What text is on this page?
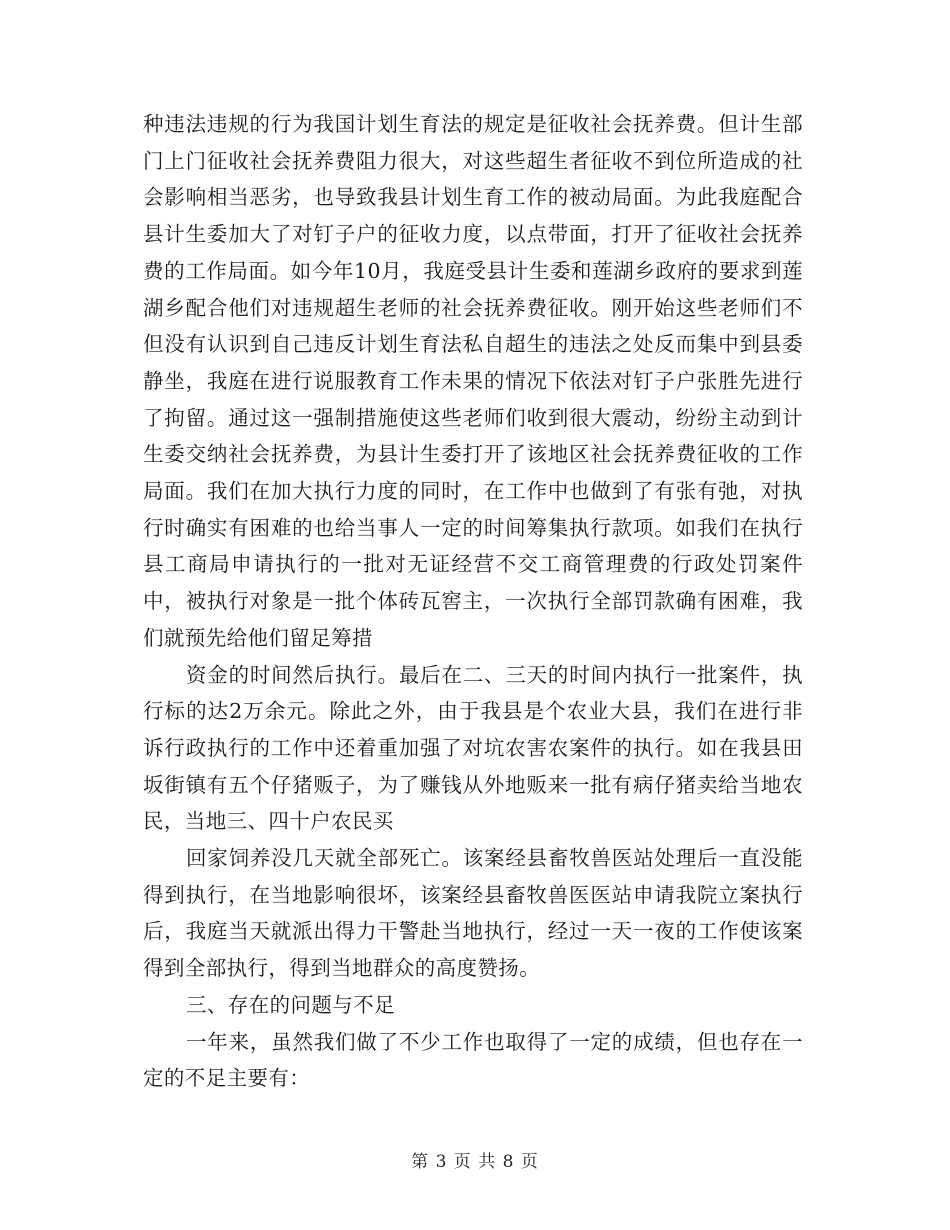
种违法违规的行为我国计划生育法的规定是征收社会抚养费。但计生部门上门征收社会抚养费阻力很大，对这些超生者征收不到位所造成的社会影响相当恶劣，也导致我县计划生育工作的被动局面。为此我庭配合县计生委加大了对钉子户的征收力度，以点带面，打开了征收社会抚养费的工作局面。如今年10月，我庭受县计生委和莲湖乡政府的要求到莲湖乡配合他们对违规超生老师的社会抚养费征收。刚开始这些老师们不但没有认识到自己违反计划生育法私自超生的违法之处反而集中到县委静坐，我庭在进行说服教育工作未果的情况下依法对钉子户张胜先进行了拘留。通过这一强制措施使这些老师们收到很大震动，纷纷主动到计生委交纳社会抚养费，为县计生委打开了该地区社会抚养费征收的工作局面。我们在加大执行力度的同时，在工作中也做到了有张有弛，对执行时确实有困难的也给当事人一定的时间筹集执行款项。如我们在执行县工商局申请执行的一批对无证经营不交工商管理费的行政处罚案件中，被执行对象是一批个体砖瓦窖主，一次执行全部罚款确有困难，我们就预先给他们留足筹措

资金的时间然后执行。最后在二、三天的时间内执行一批案件，执行标的达2万余元。除此之外，由于我县是个农业大县，我们在进行非诉行政执行的工作中还着重加强了对坑农害农案件的执行。如在我县田坂街镇有五个仔猪贩子，为了赚钱从外地贩来一批有病仔猪卖给当地农民，当地三、四十户农民买

回家饲养没几天就全部死亡。该案经县畜牧兽医站处理后一直没能得到执行，在当地影响很坏，该案经县畜牧兽医医站申请我院立案执行后，我庭当天就派出得力干警赴当地执行，经过一天一夜的工作使该案得到全部执行，得到当地群众的高度赞扬。

三、存在的问题与不足

一年来，虽然我们做了不少工作也取得了一定的成绩，但也存在一定的不足主要有：

第 3 页 共 8 页
